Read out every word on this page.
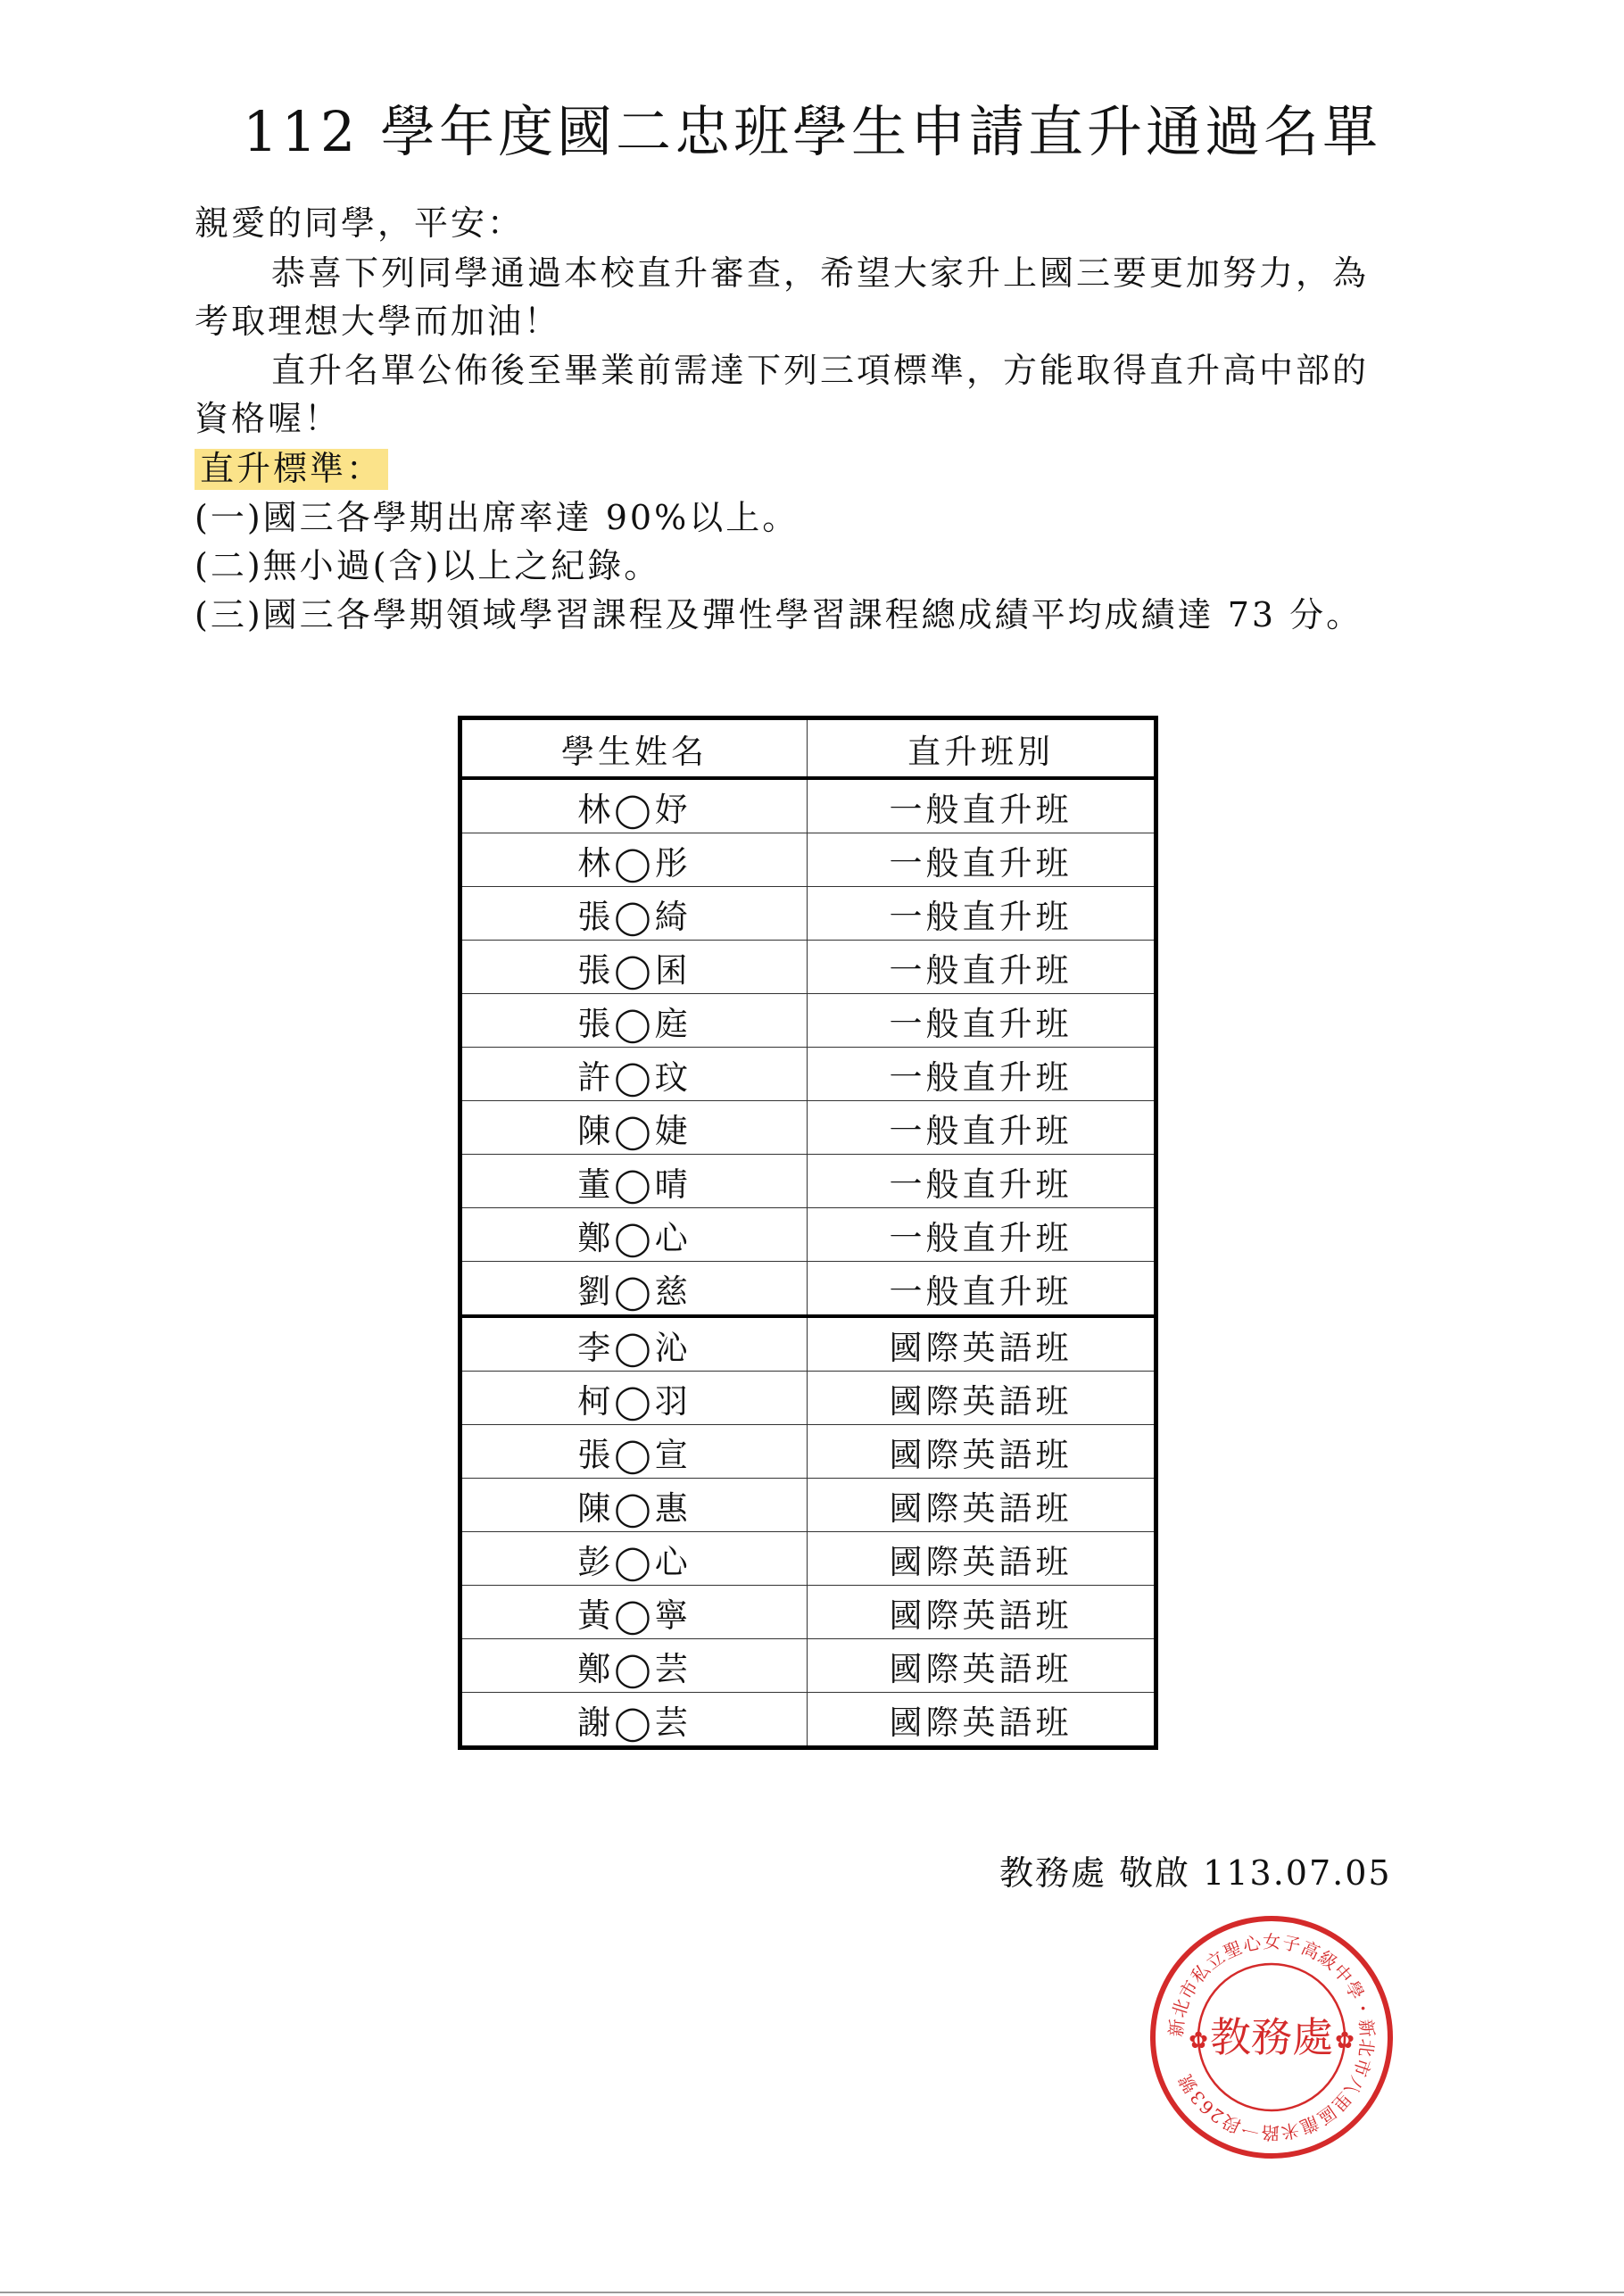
112 學年度國二忠班學生申請直升通過名單
親愛的同學，平安：
恭喜下列同學通過本校直升審查，希望大家升上國三要更加努力，為
考取理想大學而加油！
直升名單公佈後至畢業前需達下列三項標準，方能取得直升高中部的
資格喔！
直升標準：
(一)國三各學期出席率達 90%以上。
(二)無小過(含)以上之紀錄。
(三)國三各學期領域學習課程及彈性學習課程總成績平均成績達 73 分。
學生姓名	直升班別
林◯妤	一般直升班
林◯彤	一般直升班
張◯綺	一般直升班
張◯囷	一般直升班
張◯庭	一般直升班
許◯玟	一般直升班
陳◯婕	一般直升班
董◯晴	一般直升班
鄭◯心	一般直升班
劉◯慈	一般直升班
李◯沁	國際英語班
柯◯羽	國際英語班
張◯宣	國際英語班
陳◯惠	國際英語班
彭◯心	國際英語班
黃◯寧	國際英語班
鄭◯芸	國際英語班
謝◯芸	國際英語班
教務處 敬啟 113.07.05
新北市私立聖心女子高級中學・新北市八里區龍米路一段263號
教務處
✿	✿
